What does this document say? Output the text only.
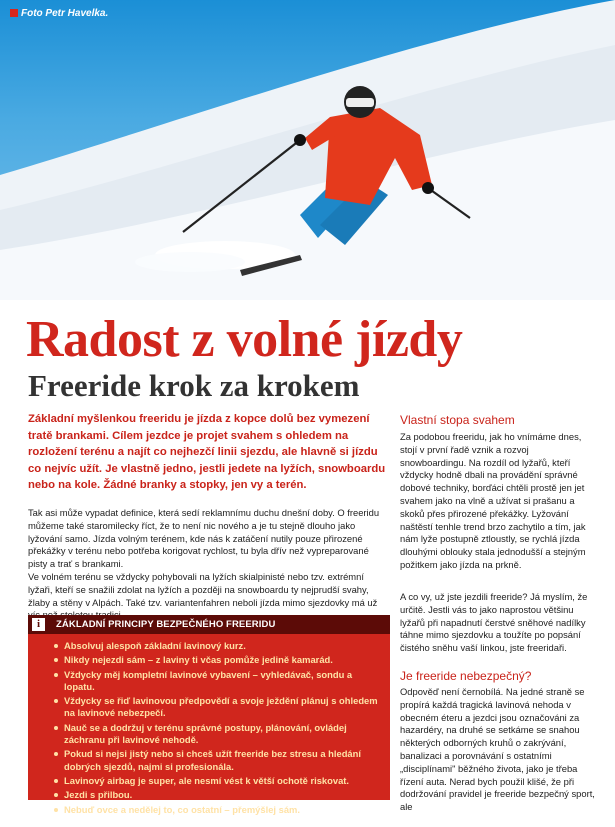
Foto Petr Havelka.
Radost z volné jízdy
Freeride krok za krokem
Základní myšlenkou freeridu je jízda z kopce dolů bez vymezení tratě brankami. Cílem jezdce je projet svahem s ohledem na rozložení terénu a najít co nejhezčí linii sjezdu, ale hlavně si jízdu co nejvíc užít. Je vlastně jedno, jestli jedete na lyžích, snowboardu nebo na kole. Žádné branky a stopky, jen vy a terén.
Tak asi může vypadat definice, která sedí reklamnímu duchu dnešní doby. O freeridu můžeme také staromilecky říct, že to není nic nového a je tu stejně dlouho jako lyžování samo. Jízda volným terénem, kde nás k zatáčení nutily pouze přirozené překážky v terénu nebo potřeba korigovat rychlost, tu byla dřív než vypreparované pisty a trať s brankami.
Ve volném terénu se vždycky pohybovali na lyžích skialpinisté nebo tzv. extrémní lyžaři, kteří se snažili zdolat na lyžích a později na snowboardu ty nejprudší svahy, žlaby a stěny v Alpách. Také tzv. variantenfahren neboli jízda mimo sjezdovky má už
i	ZÁKLADNÍ PRINCIPY BEZPEČNÉHO FREERIDU
Absolvuj alespoň základní lavinový kurz.
Nikdy nejezdi sám – z laviny ti včas pomůže jedině kamarád.
Vždycky měj kompletní lavinové vybavení – vyhledávač, sondu a lopatu.
Vždycky se řiď lavinovou předpovědí a svoje ježdění plánuj s ohledem na lavinové nebezpečí.
Nauč se a dodržuj v terénu správné postupy, plánování, ovládej záchranu při lavinové nehodě.
Pokud si nejsi jistý nebo si chceš užít freeride bez stresu a hledání dobrých sjezdů, najmi si profesionála.
Lavinový airbag je super, ale nesmí vést k větší ochotě riskovat.
Jezdi s přilbou.
Nebuď ovce a nedělej to, co ostatní – přemýšlej sám.
Vlastní stopa svahem

Za podobou freeridu, jak ho vnímáme dnes, stojí v první řadě vznik a rozvoj snowboardingu. Na rozdíl od lyžařů, kteří vždycky hodně dbali na provádění správné dobové techniky, borďáci chtěli prostě jen jet svahem jako na vlně a užívat si prašanu a skoků přes přirozené překážky. Lyžování naštěstí tenhle trend brzo zachytilo a tím, jak nám lyže postupně ztloustly, se rychlá jízda dlouhými oblouky stala jednodušší a stejným požitkem jako jízda na prkně.

A co vy, už jste jezdili freeride? Já myslím, že určitě. Jestli vás to jako naprostou většinu lyžařů při napadnutí čerstvé sněhové nadílky táhne mimo sjezdovku a toužíte po popsání čistého sněhu vaší linkou, jste freeridaři.

Je freeride nebezpečný?

Odpověď není černobílá. Na jedné straně se propírá každá tragická lavinová nehoda v obecném éteru a jezdci jsou označováni za hazardéry, na druhé se setkáme se snahou některých odborných kruhů o zakrývání, banalizaci a porovnávání s ostatními „disciplínami" běžného života, jako je třeba řízení auta. Nerad bych použil klišé, že při dodržování pravidel je freeride bezpečný sport, ale
